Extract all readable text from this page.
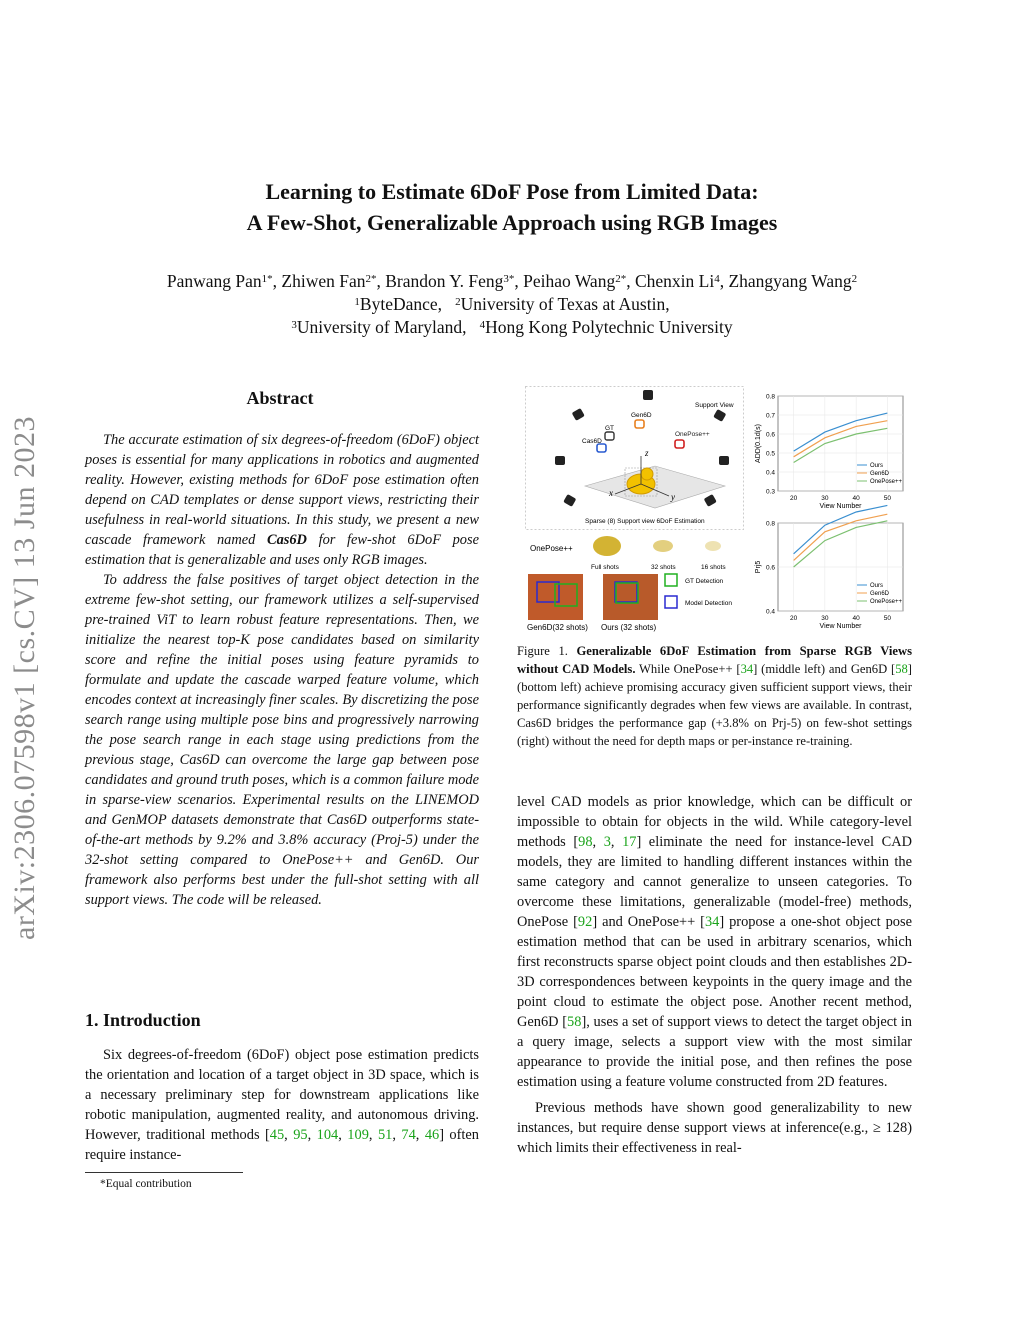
arXiv:2306.07598v1 [cs.CV] 13 Jun 2023
Learning to Estimate 6DoF Pose from Limited Data:
A Few-Shot, Generalizable Approach using RGB Images
Panwang Pan$^{1*}$, Zhiwen Fan$^{2*}$, Brandon Y. Feng$^{3*}$, Peihao Wang$^{2*}$, Chenxin Li$^4$, Zhangyang Wang$^2$
$^1$ByteDance, $^2$University of Texas at Austin,
$^3$University of Maryland, $^4$Hong Kong Polytechnic University
Abstract

The accurate estimation of six degrees-of-freedom (6DoF) object poses is essential for many applications in robotics and augmented reality. However, existing methods for 6DoF pose estimation often depend on CAD templates or dense support views, restricting their usefulness in real-world situations. In this study, we present a new cascade framework named Cas6D for few-shot 6DoF pose estimation that is generalizable and uses only RGB images.

To address the false positives of target object detection in the extreme few-shot setting, our framework utilizes a self-supervised pre-trained ViT to learn robust feature representations. Then, we initialize the nearest top-K pose candidates based on similarity score and refine the initial poses using feature pyramids to formulate and update the cascade warped feature volume, which encodes context at increasingly finer scales. By discretizing the pose search range using multiple pose bins and progressively narrowing the pose search range in each stage using predictions from the previous stage, Cas6D can overcome the large gap between pose candidates and ground truth poses, which is a common failure mode in sparse-view scenarios. Experimental results on the LINEMOD and GenMOP datasets demonstrate that Cas6D outperforms state-of-the-art methods by 9.2% and 3.8% accuracy (Proj-5) under the 32-shot setting compared to OnePose++ and Gen6D. Our framework also performs best under the full-shot setting with all support views. The code will be released.

1. Introduction

Six degrees-of-freedom (6DoF) object pose estimation predicts the orientation and location of a target object in 3D space, which is a necessary preliminary step for downstream applications like robotic manipulation, augmented reality, and autonomous driving. However, traditional methods [45, 95, 104, 109, 51, 74, 46] often require instance-

*Equal contribution
z
x	y
Support View
Gen6D
GT
Cas6D
OnePose++
Sparse (8) Support view 6DoF Estimation
OnePose++
Full shots	32 shots	16 shots
GT Detection
Model Detection
Gen6D(32 shots) Ours (32 shots)
0.3
0.4
0.5
0.6
0.7
0.8
20	30	40	50
View Number
ADD(0.1d(s)
Ours
Gen6D
OnePose++
0.4
0.6
0.8
20	30	40	50
View Number
Prj5
Ours
Gen6D
OnePose++
Figure 1. Generalizable 6DoF Estimation from Sparse RGB Views without CAD Models. While OnePose++ [34] (middle left) and Gen6D [58] (bottom left) achieve promising accuracy given sufficient support views, their performance significantly degrades when few views are available. In contrast, Cas6D bridges the performance gap (+3.8% on Prj-5) on few-shot settings (right) without the need for depth maps or per-instance re-training.

level CAD models as prior knowledge, which can be difficult or impossible to obtain for objects in the wild. While category-level methods [98, 3, 17] eliminate the need for instance-level CAD models, they are limited to handling different instances within the same category and cannot generalize to unseen categories. To overcome these limitations, generalizable (model-free) methods, OnePose [92] and OnePose++ [34] propose a one-shot object pose estimation method that can be used in arbitrary scenarios, which first reconstructs sparse object point clouds and then establishes 2D-3D correspondences between keypoints in the query image and the point cloud to estimate the object pose. Another recent method, Gen6D [58], uses a set of support views to detect the target object in a query image, selects a support view with the most similar appearance to provide the initial pose, and then refines the pose estimation using a feature volume constructed from 2D features.

Previous methods have shown good generalizability to new instances, but require dense support views at inference(e.g., ≥ 128) which limits their effectiveness in real-
